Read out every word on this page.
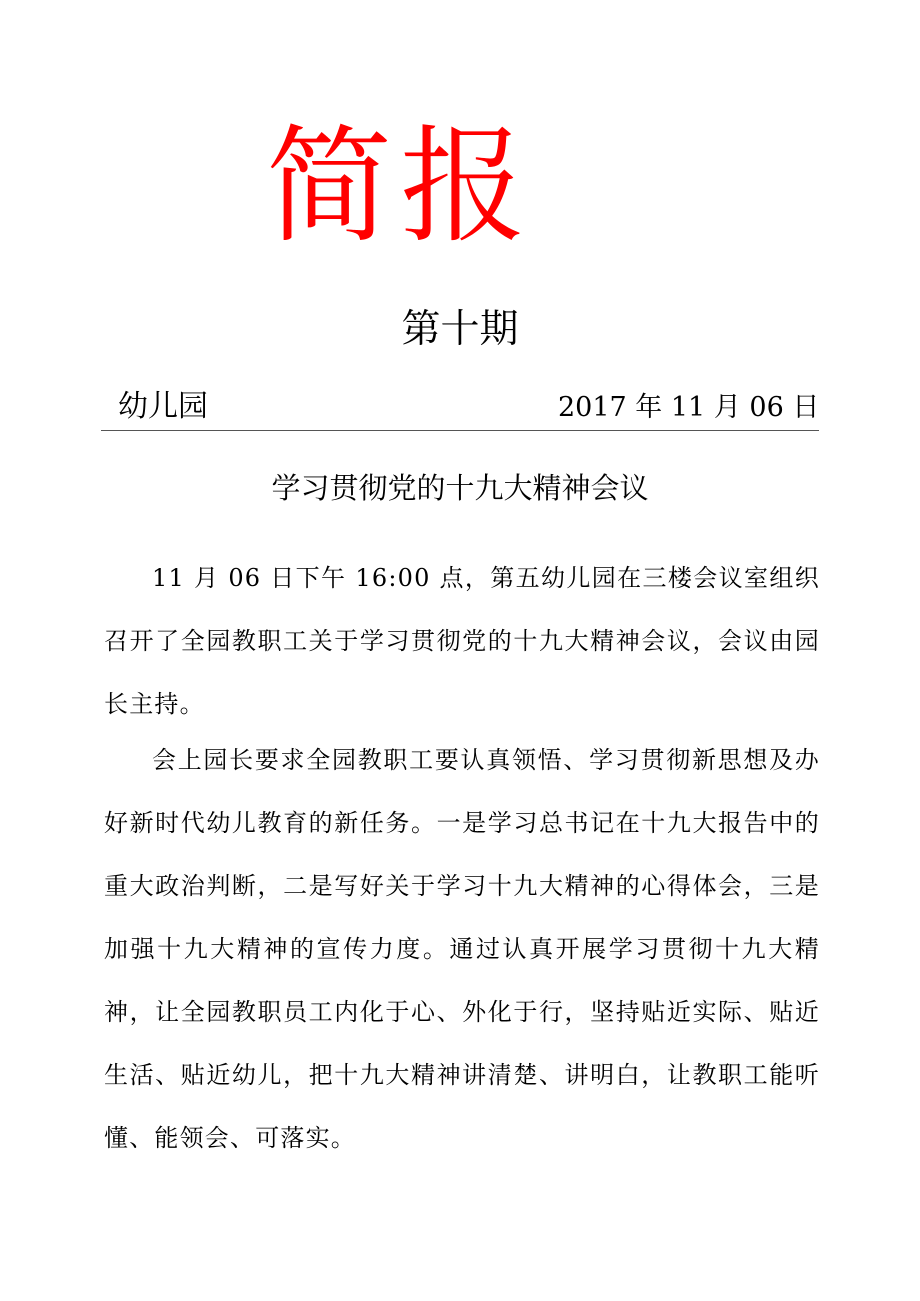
简报
第十期
幼儿园	2017 年 11 月 06 日
学习贯彻党的十九大精神会议

11 月 06 日下午 16:00 点，第五幼儿园在三楼会议室组织召开了全园教职工关于学习贯彻党的十九大精神会议，会议由园长主持。

会上园长要求全园教职工要认真领悟、学习贯彻新思想及办好新时代幼儿教育的新任务。一是学习总书记在十九大报告中的重大政治判断，二是写好关于学习十九大精神的心得体会，三是加强十九大精神的宣传力度。通过认真开展学习贯彻十九大精神，让全园教职员工内化于心、外化于行，坚持贴近实际、贴近生活、贴近幼儿，把十九大精神讲清楚、讲明白，让教职工能听懂、能领会、可落实。
